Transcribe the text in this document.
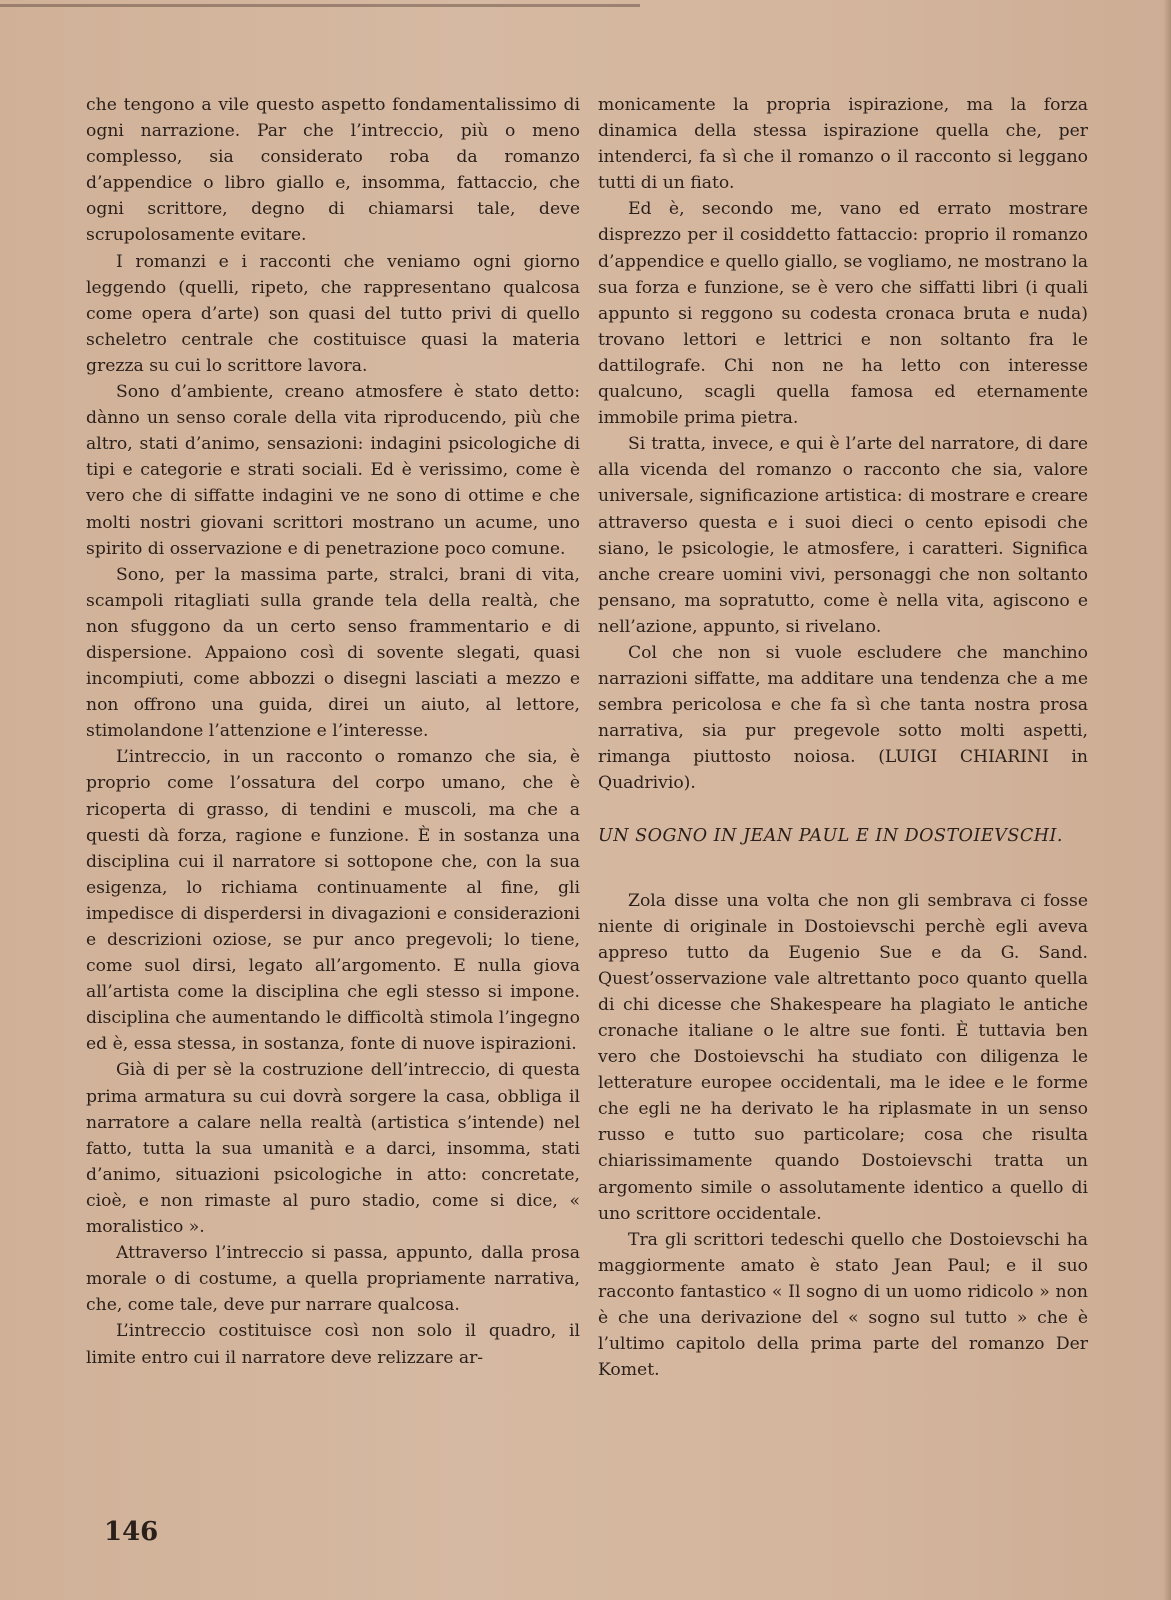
che tengono a vile questo aspetto fondamentalissimo di ogni narrazione. Par che l’intreccio, più o meno complesso, sia considerato roba da romanzo d’appendice o libro giallo e, insomma, fattaccio, che ogni scrittore, degno di chiamarsi tale, deve scrupolosamente evitare.

I romanzi e i racconti che veniamo ogni giorno leggendo (quelli, ripeto, che rappresentano qualcosa come opera d’arte) son quasi del tutto privi di quello scheletro centrale che costituisce quasi la materia grezza su cui lo scrittore lavora.

Sono d’ambiente, creano atmosfere è stato detto: dànno un senso corale della vita riproducendo, più che altro, stati d’animo, sensazioni: indagini psicologiche di tipi e categorie e strati sociali. Ed è verissimo, come è vero che di siffatte indagini ve ne sono di ottime e che molti nostri giovani scrittori mostrano un acume, uno spirito di osservazione e di penetrazione poco comune.

Sono, per la massima parte, stralci, brani di vita, scampoli ritagliati sulla grande tela della realtà, che non sfuggono da un certo senso frammentario e di dispersione. Appaiono così di sovente slegati, quasi incompiuti, come abbozzi o disegni lasciati a mezzo e non offrono una guida, direi un aiuto, al lettore, stimolandone l’attenzione e l’interesse.

L’intreccio, in un racconto o romanzo che sia, è proprio come l’ossatura del corpo umano, che è ricoperta di grasso, di tendini e muscoli, ma che a questi dà forza, ragione e funzione. È in sostanza una disciplina cui il narratore si sottopone che, con la sua esigenza, lo richiama continuamente al fine, gli impedisce di disperdersi in divagazioni e considerazioni e descrizioni oziose, se pur anco pregevoli; lo tiene, come suol dirsi, legato all’argomento. E nulla giova all’artista come la disciplina che egli stesso si impone. disciplina che aumentando le difficoltà stimola l’ingegno ed è, essa stessa, in sostanza, fonte di nuove ispirazioni.

Già di per sè la costruzione dell’intreccio, di questa prima armatura su cui dovrà sorgere la casa, obbliga il narratore a calare nella realtà (artistica s’intende) nel fatto, tutta la sua umanità e a darci, insomma, stati d’animo, situazioni psicologiche in atto: concretate, cioè, e non rimaste al puro stadio, come si dice, « moralistico ».

Attraverso l’intreccio si passa, appunto, dalla prosa morale o di costume, a quella propriamente narrativa, che, come tale, deve pur narrare qualcosa.

L’intreccio costituisce così non solo il quadro, il limite entro cui il narratore deve relizzare ar-

monicamente la propria ispirazione, ma la forza dinamica della stessa ispirazione quella che, per intenderci, fa sì che il romanzo o il racconto si leggano tutti di un fiato.

Ed è, secondo me, vano ed errato mostrare disprezzo per il cosiddetto fattaccio: proprio il romanzo d’appendice e quello giallo, se vogliamo, ne mostrano la sua forza e funzione, se è vero che siffatti libri (i quali appunto si reggono su codesta cronaca bruta e nuda) trovano lettori e lettrici e non soltanto fra le dattilografe. Chi non ne ha letto con interesse qualcuno, scagli quella famosa ed eternamente immobile prima pietra.

Si tratta, invece, e qui è l’arte del narratore, di dare alla vicenda del romanzo o racconto che sia, valore universale, significazione artistica: di mostrare e creare attraverso questa e i suoi dieci o cento episodi che siano, le psicologie, le atmosfere, i caratteri. Significa anche creare uomini vivi, personaggi che non soltanto pensano, ma sopratutto, come è nella vita, agiscono e nell’azione, appunto, si rivelano.

Col che non si vuole escludere che manchino narrazioni siffatte, ma additare una tendenza che a me sembra pericolosa e che fa sì che tanta nostra prosa narrativa, sia pur pregevole sotto molti aspetti, rimanga piuttosto noiosa. (LUIGI CHIARINI in Quadrivio).

UN SOGNO IN JEAN PAUL E IN DOSTOIEVSCHI.

Zola disse una volta che non gli sembrava ci fosse niente di originale in Dostoievschi perchè egli aveva appreso tutto da Eugenio Sue e da G. Sand. Quest’osservazione vale altrettanto poco quanto quella di chi dicesse che Shakespeare ha plagiato le antiche cronache italiane o le altre sue fonti. È tuttavia ben vero che Dostoievschi ha studiato con diligenza le letterature europee occidentali, ma le idee e le forme che egli ne ha derivato le ha riplasmate in un senso russo e tutto suo particolare; cosa che risulta chiarissimamente quando Dostoievschi tratta un argomento simile o assolutamente identico a quello di uno scrittore occidentale.

Tra gli scrittori tedeschi quello che Dostoievschi ha maggiormente amato è stato Jean Paul; e il suo racconto fantastico « Il sogno di un uomo ridicolo » non è che una derivazione del « sogno sul tutto » che è l’ultimo capitolo della prima parte del romanzo Der Komet.

146
